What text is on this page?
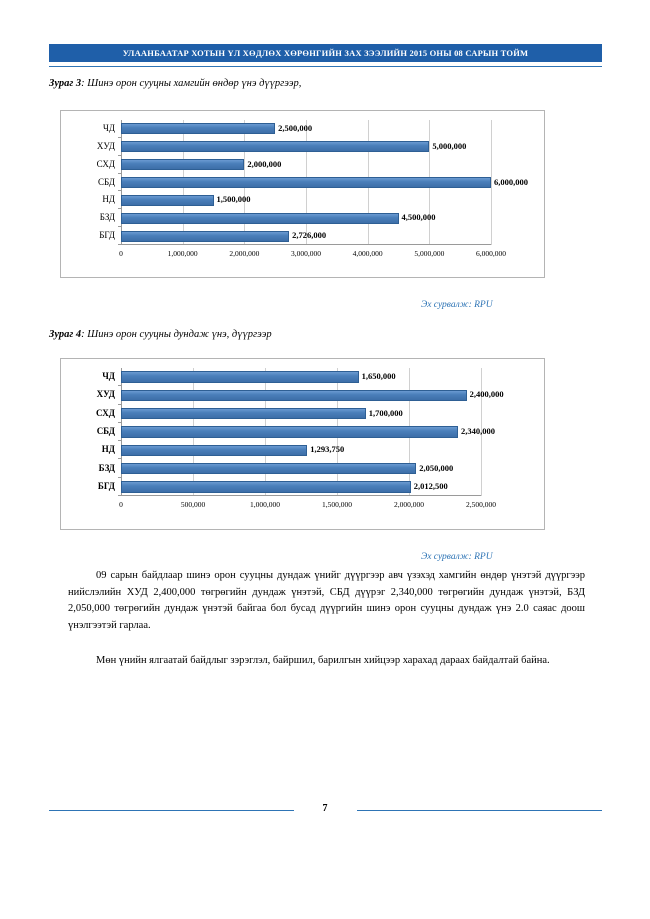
УЛААНБААТАР ХОТЫН ҮЛ ХӨДЛӨХ ХӨРӨНГИЙН ЗАХ ЗЭЭЛИЙН 2015 ОНЫ 08 САРЫН ТОЙМ
Зураг 3: Шинэ орон сууцны хамгийн өндөр үнэ дүүргээр,
0	1,000,000	2,000,000	3,000,000	4,000,000	5,000,000	6,000,000
2,500,000
ЧД
5,000,000
ХУД
2,000,000
СХД
6,000,000
СБД
1,500,000
НД
4,500,000
БЗД
2,726,000
БГД
Эх сурвалж: RPU
Зураг 4: Шинэ орон сууцны дундаж үнэ, дүүргээр
0	500,000	1,000,000	1,500,000	2,000,000	2,500,000
1,650,000
ЧД
2,400,000
ХУД
1,700,000
СХД
2,340,000
СБД
1,293,750
НД
2,050,000
БЗД
2,012,500
БГД
Эх сурвалж: RPU
09 сарын байдлаар шинэ орон сууцны дундаж үнийг дүүргээр авч үзэхэд хамгийн өндөр үнэтэй дүүргээр нийслэлийн ХУД 2,400,000 төгрөгийн дундаж үнэтэй, СБД дүүрэг 2,340,000 төгрөгийн дундаж үнэтэй, БЗД 2,050,000 төгрөгийн дундаж үнэтэй байгаа бол бусад дүүргийн шинэ орон сууцны дундаж үнэ 2.0 саяас доош үнэлгээтэй гарлаа.
Мөн үнийн ялгаатай байдлыг зэрэглэл, байршил, барилгын хийцээр харахад дараах байдалтай байна.
7
